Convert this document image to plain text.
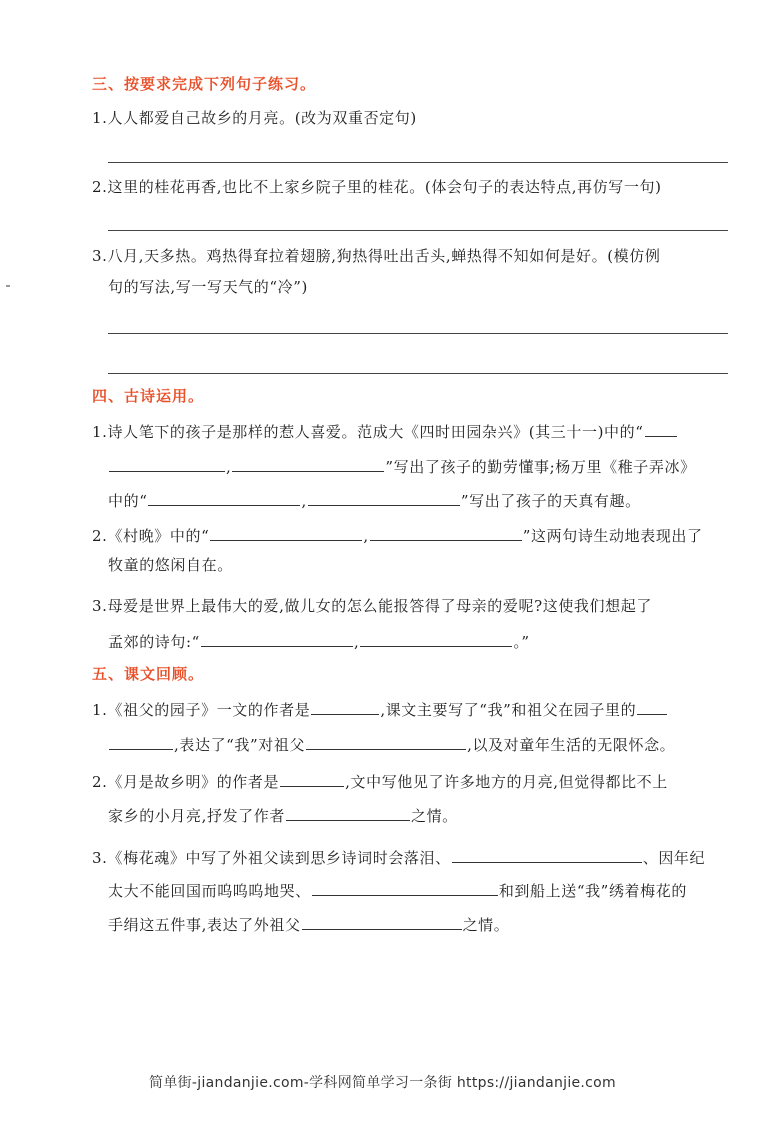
三、按要求完成下列句子练习。
1.人人都爱自己故乡的月亮。(改为双重否定句)
2.这里的桂花再香,也比不上家乡院子里的桂花。(体会句子的表达特点,再仿写一句)
3.八月,天多热。鸡热得耷拉着翅膀,狗热得吐出舌头,蝉热得不知如何是好。(模仿例
句的写法,写一写天气的“冷”)
四、古诗运用。
1.诗人笔下的孩子是那样的惹人喜爱。范成大《四时田园杂兴》(其三十一)中的“
,	”写出了孩子的勤劳懂事;杨万里《稚子弄冰》
中的“	,	”写出了孩子的天真有趣。
2.《村晚》中的“	,	”这两句诗生动地表现出了
牧童的悠闲自在。
3.母爱是世界上最伟大的爱,做儿女的怎么能报答得了母亲的爱呢?这使我们想起了
孟郊的诗句:“	,	。”
五、课文回顾。
1.《祖父的园子》一文的作者是	,课文主要写了“我”和祖父在园子里的
,表达了“我”对祖父	,以及对童年生活的无限怀念。
2.《月是故乡明》的作者是	,文中写他见了许多地方的月亮,但觉得都比不上
家乡的小月亮,抒发了作者	之情。
3.《梅花魂》中写了外祖父读到思乡诗词时会落泪、	、因年纪
太大不能回国而呜呜呜地哭、	和到船上送“我”绣着梅花的
手绢这五件事,表达了外祖父	之情。
简单街-jiandanjie.com-学科网简单学习一条街 https://jiandanjie.com
